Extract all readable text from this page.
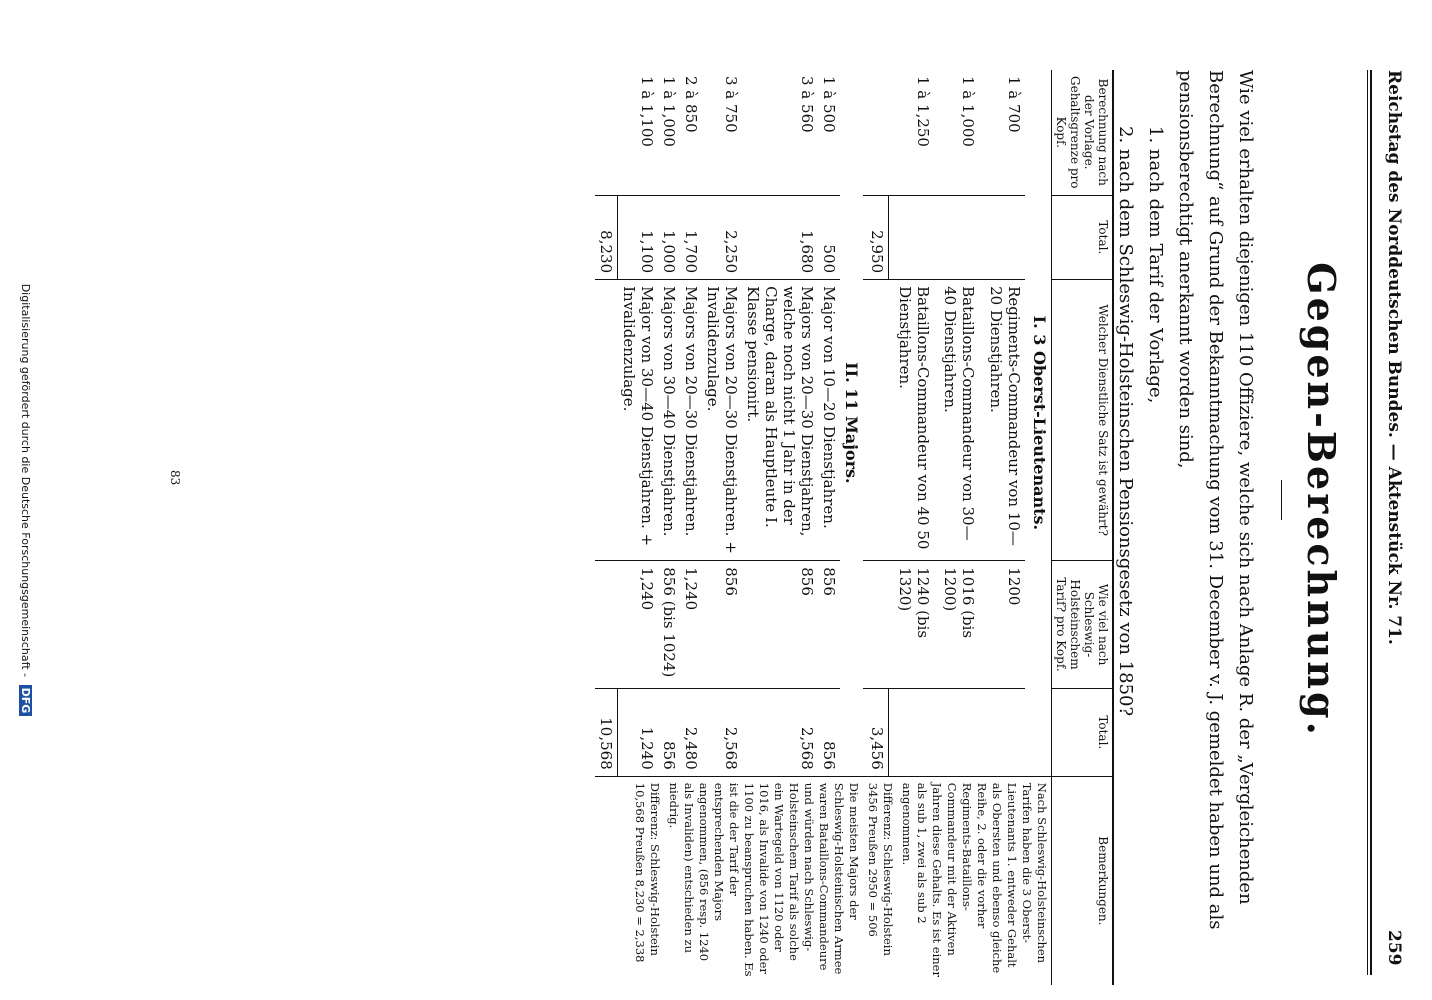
Reichstag des Norddeutschen Bundes. — Aktenstück Nr. 71.
259
Gegen-Berechnung.
Wie viel erhalten diejenigen 110 Offiziere, welche sich nach Anlage R. der „Vergleichenden Berechnung“ auf Grund der Bekanntmachung vom 31. December v. J. gemeldet haben und als pensionsberechtigt anerkannt worden sind,
1. nach dem Tarif der Vorlage,
2. nach dem Schleswig-Holsteinschen Pensionsgesetz von 1850?
Berechnung nach der Vorlage. Gehaltsgrenze pro Kopf.	Total.	Welcher Dienstliche Satz ist gewährt?	Wie viel nach Schleswig-Holsteinschem Tarif? pro Kopf.	Total.	Bemerkungen.
I. 3 Oberst-Lieutenants.					Nach Schleswig-Holsteinschen Tarifen haben die 3 Oberst-Lieutenants 1. entweder Gehalt als Obersten und ebenso gleiche Reihe, 2. oder die vorher Regiments-Bataillons-Commandeur mit der Aktiven Jahren diese Gehalts. Es ist einer als sub 1, zwei als sub 2 angenommen.
Differenz: Schleswig-Holstein 3456 Preußen 2950 = 506

1 à 700		Regiments-Commandeur von 10—20 Dienstjahren.	1200		
1 à 1,000		Bataillons-Commandeur von 30—40 Dienstjahren.	1016 (bis 1200)		
1 à 1,250		Bataillons-Commandeur von 40 50 Dienstjahren.	1240 (bis 1320)		
	2,950			3,456	
II. 11 Majors.					Die meisten Majors der Schleswig-Holsteinischen Armee waren Bataillons-Commandeure und würden nach Schleswig-Holsteinschem Tarif als solche ein Wartegeld von 1120 oder 1016, als Invalide von 1240 oder 1100 zu beanspruchen haben. Es ist die der Tarif der entsprechenden Majors angenommen, (856 resp. 1240 als Invaliden) entschieden zu niedrig.
Differenz: Schleswig-Holstein 10,568 Preußen 8,230 = 2,338

1 à 500	500	Major von 10—20 Dienstjahren.	856	856	
3 à 560	1,680	Majors von 20—30 Dienstjahren, welche noch nicht 1 Jahr in der Charge, daran als Hauptleute I. Klasse pensionirt.	856	2,568	
3 à 750	2,250	Majors von 20—30 Dienstjahren. + Invalidenzulage.	856	2,568	
2 à 850	1,700	Majors von 20—30 Dienstjahren.	1,240	2,480	
1 à 1,000	1,000	Majors von 30—40 Dienstjahren.	856 (bis 1024)	856	
1 à 1,100	1,100	Major von 30—40 Dienstjahren. + Invalidenzulage.	1,240	1,240	
	8,230			10,568	
83
Digitalisierung gefördert durch die Deutsche Forschungsgemeinschaft - DFG
